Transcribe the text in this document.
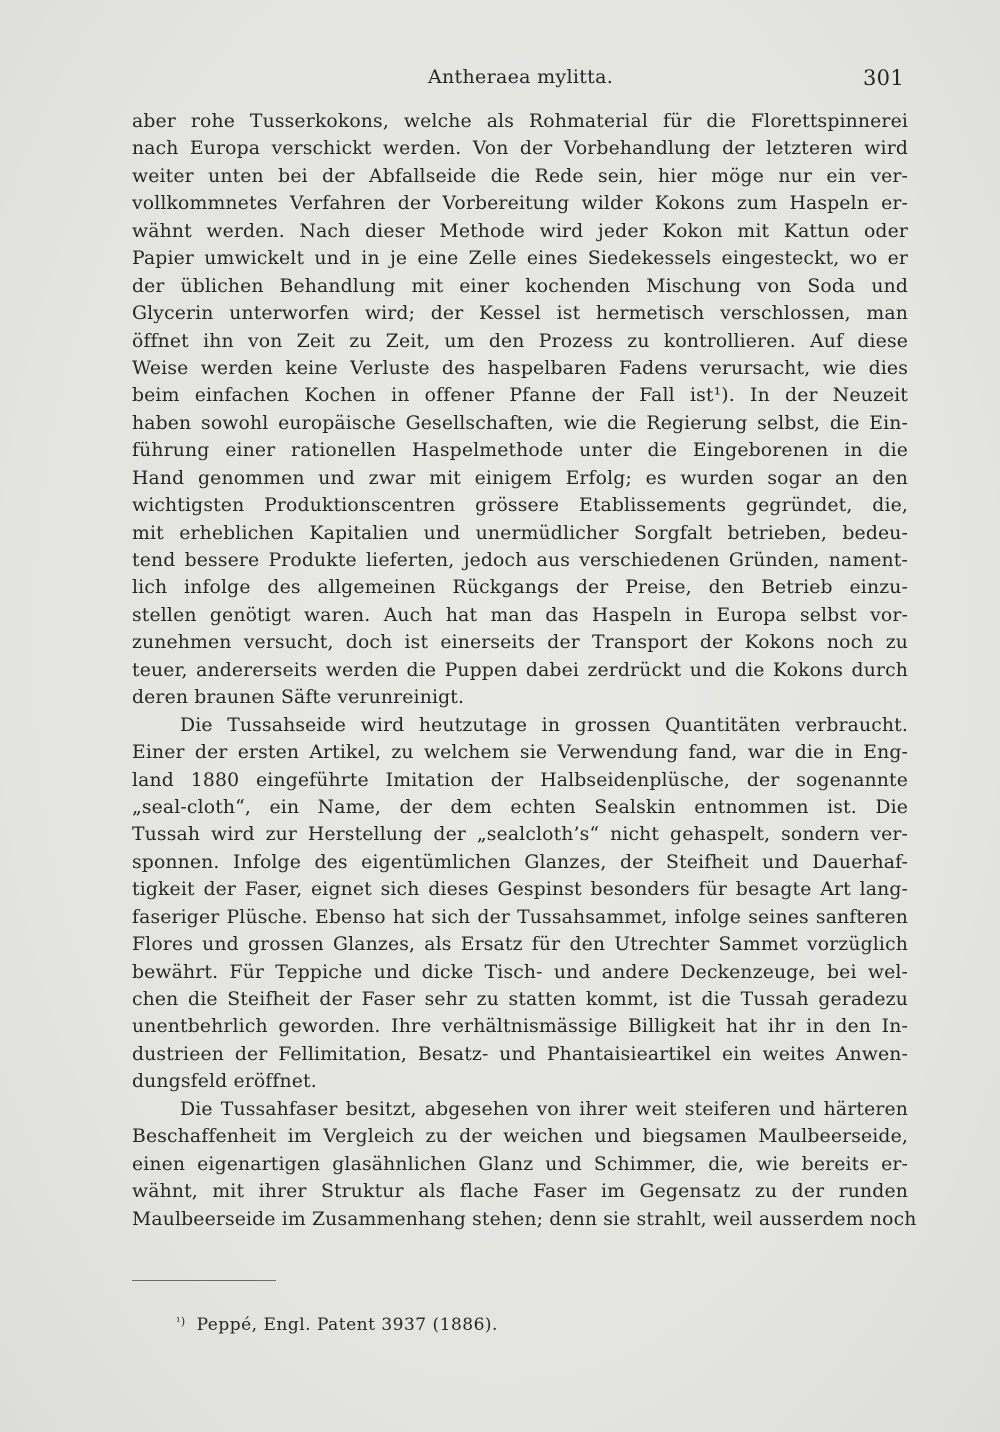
Antheraea mylitta.	301
aber rohe Tusserkokons, welche als Rohmaterial für die Florettspinnerei
nach Europa verschickt werden. Von der Vorbehandlung der letzteren wird
weiter unten bei der Abfallseide die Rede sein, hier möge nur ein ver-
vollkommnetes Verfahren der Vorbereitung wilder Kokons zum Haspeln er-
wähnt werden. Nach dieser Methode wird jeder Kokon mit Kattun oder
Papier umwickelt und in je eine Zelle eines Siedekessels eingesteckt, wo er
der üblichen Behandlung mit einer kochenden Mischung von Soda und
Glycerin unterworfen wird; der Kessel ist hermetisch verschlossen, man
öffnet ihn von Zeit zu Zeit, um den Prozess zu kontrollieren. Auf diese
Weise werden keine Verluste des haspelbaren Fadens verursacht, wie dies
beim einfachen Kochen in offener Pfanne der Fall ist¹). In der Neuzeit
haben sowohl europäische Gesellschaften, wie die Regierung selbst, die Ein-
führung einer rationellen Haspelmethode unter die Eingeborenen in die
Hand genommen und zwar mit einigem Erfolg; es wurden sogar an den
wichtigsten Produktionscentren grössere Etablissements gegründet, die,
mit erheblichen Kapitalien und unermüdlicher Sorgfalt betrieben, bedeu-
tend bessere Produkte lieferten, jedoch aus verschiedenen Gründen, nament-
lich infolge des allgemeinen Rückgangs der Preise, den Betrieb einzu-
stellen genötigt waren. Auch hat man das Haspeln in Europa selbst vor-
zunehmen versucht, doch ist einerseits der Transport der Kokons noch zu
teuer, andererseits werden die Puppen dabei zerdrückt und die Kokons durch
deren braunen Säfte verunreinigt.
Die Tussahseide wird heutzutage in grossen Quantitäten verbraucht.
Einer der ersten Artikel, zu welchem sie Verwendung fand, war die in Eng-
land 1880 eingeführte Imitation der Halbseidenplüsche, der sogenannte
„seal-cloth“, ein Name, der dem echten Sealskin entnommen ist. Die
Tussah wird zur Herstellung der „sealcloth’s“ nicht gehaspelt, sondern ver-
sponnen. Infolge des eigentümlichen Glanzes, der Steifheit und Dauerhaf-
tigkeit der Faser, eignet sich dieses Gespinst besonders für besagte Art lang-
faseriger Plüsche. Ebenso hat sich der Tussahsammet, infolge seines sanfteren
Flores und grossen Glanzes, als Ersatz für den Utrechter Sammet vorzüglich
bewährt. Für Teppiche und dicke Tisch- und andere Deckenzeuge, bei wel-
chen die Steifheit der Faser sehr zu statten kommt, ist die Tussah geradezu
unentbehrlich geworden. Ihre verhältnismässige Billigkeit hat ihr in den In-
dustrieen der Fellimitation, Besatz- und Phantaisieartikel ein weites Anwen-
dungsfeld eröffnet.
Die Tussahfaser besitzt, abgesehen von ihrer weit steiferen und härteren
Beschaffenheit im Vergleich zu der weichen und biegsamen Maulbeerseide,
einen eigenartigen glasähnlichen Glanz und Schimmer, die, wie bereits er-
wähnt, mit ihrer Struktur als flache Faser im Gegensatz zu der runden
Maulbeerseide im Zusammenhang stehen; denn sie strahlt, weil ausserdem noch
$^{^1)}$ Peppé, Engl. Patent 3937 (1886).
